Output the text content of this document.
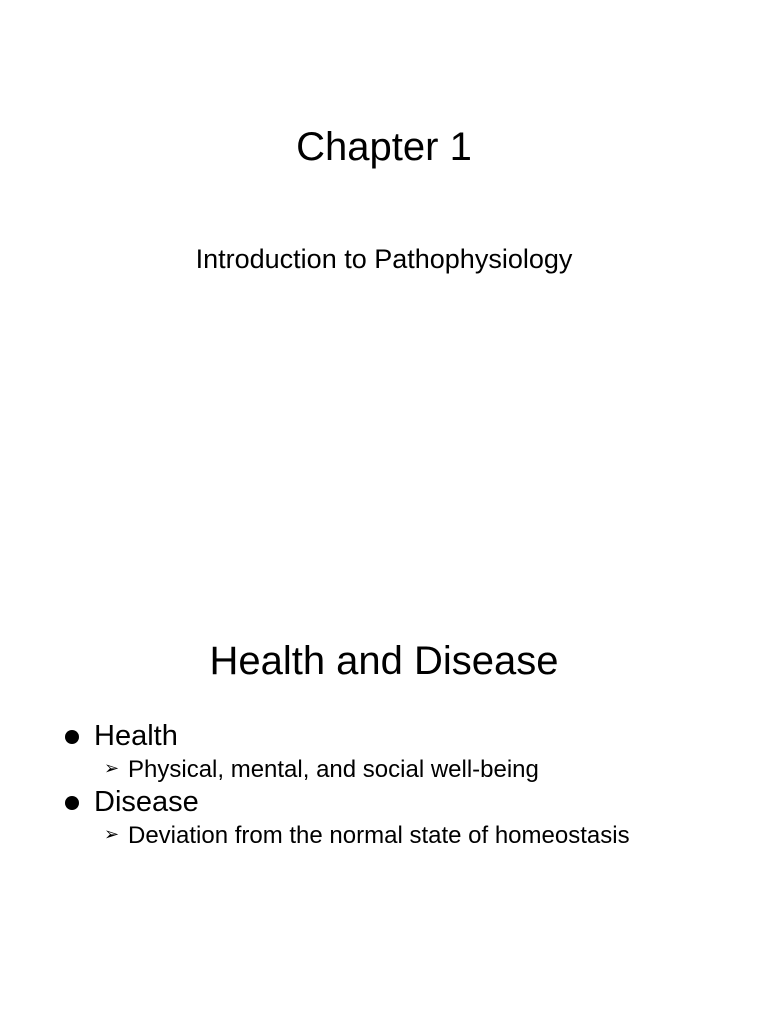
Chapter 1

Introduction to Pathophysiology

Health and Disease
Health
➢ Physical, mental, and social well-being
Disease
➢ Deviation from the normal state of homeostasis
